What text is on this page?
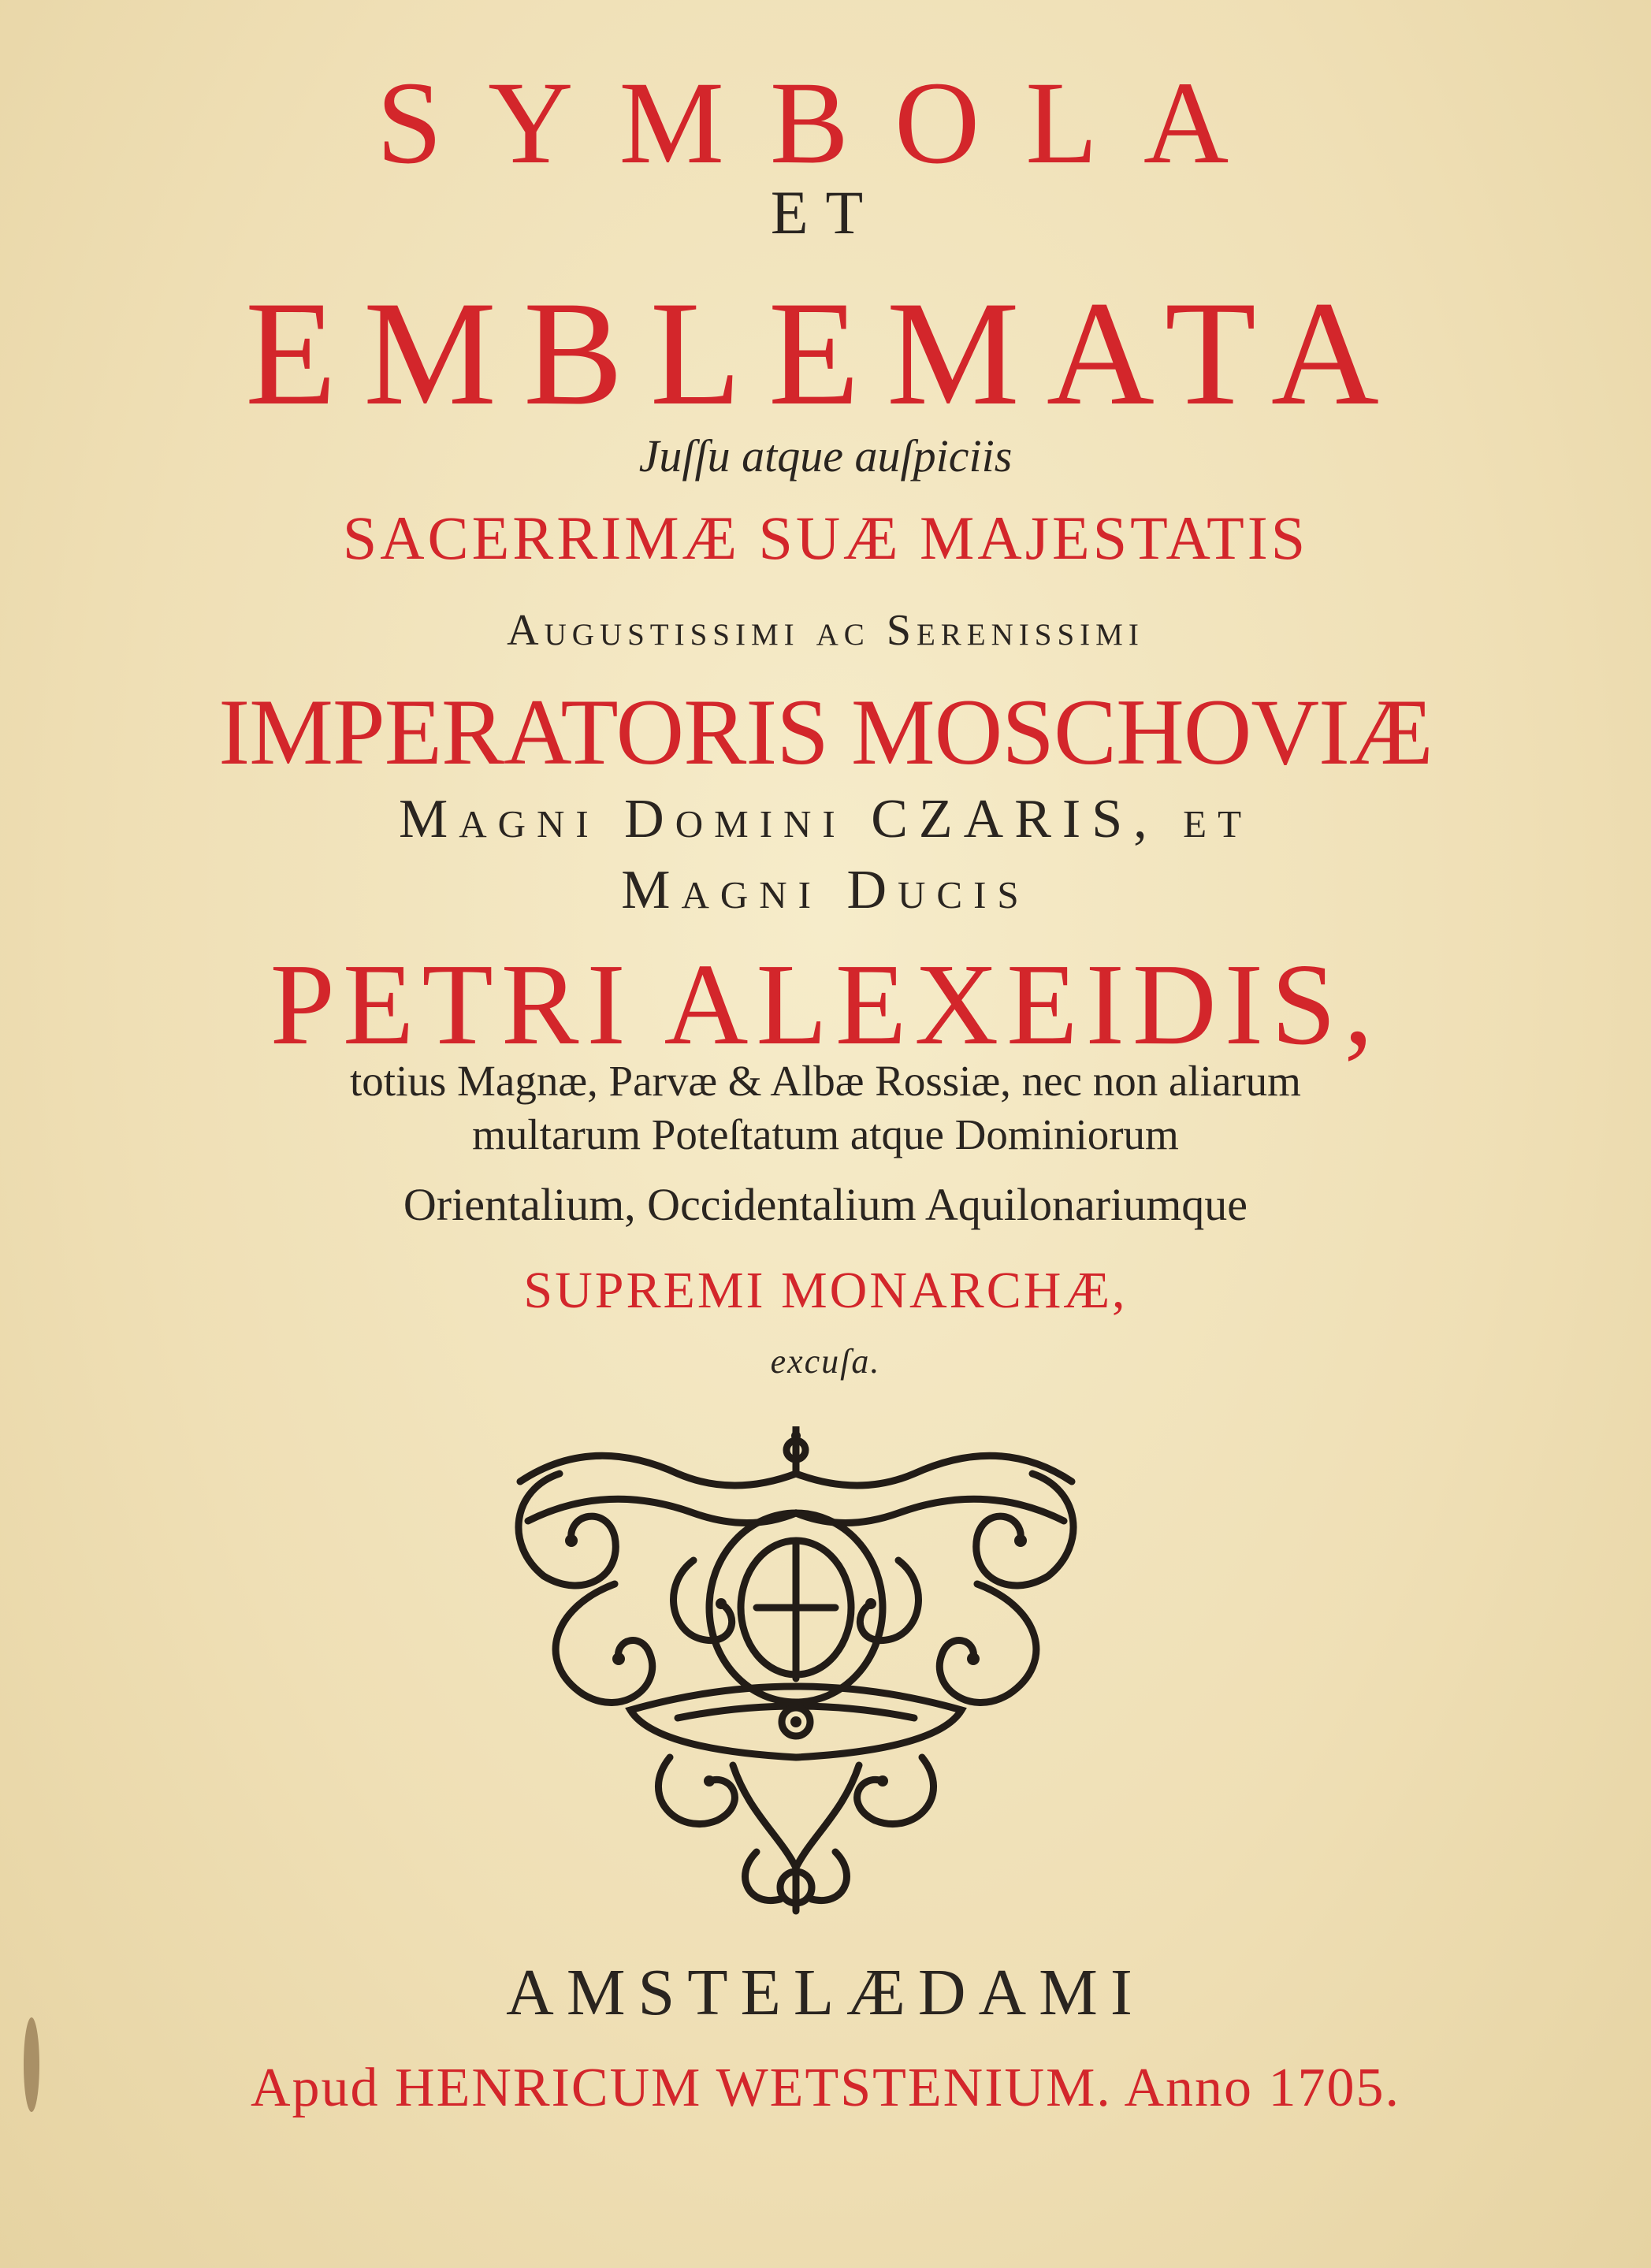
SYMBOLA
ET
EMBLEMATA
Juſſu atque auſpiciis
SACERRIMÆ SUÆ MAJESTATIS
Augustissimi ac Serenissimi
IMPERATORIS MOSCHOVIÆ
Magni Domini CZARIS, et
Magni Ducis
PETRI ALEXEIDIS,
totius Magnæ, Parvæ & Albæ Rossiæ, nec non aliarum
multarum Poteſtatum atque Dominiorum
Orientalium, Occidentalium Aquilonariumque
SUPREMI MONARCHÆ,
excuſa.
AMSTELÆDAMI
Apud HENRICUM WETSTENIUM. Anno 1705.
